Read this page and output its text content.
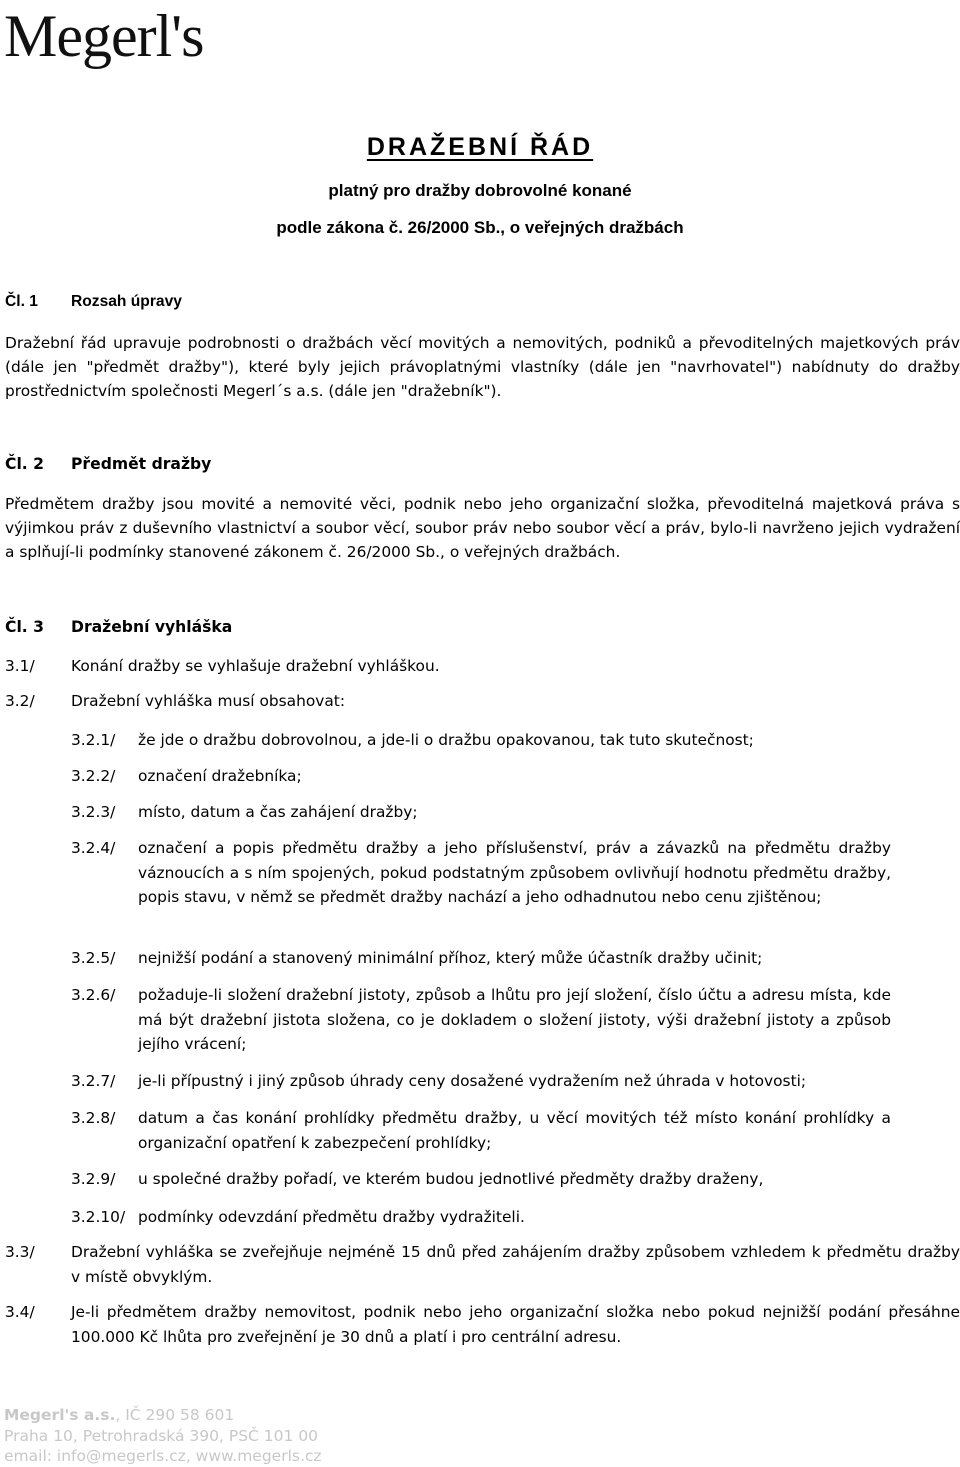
Megerl's
DRAŽEBNÍ ŘÁD
platný pro dražby dobrovolné konané
podle zákona č. 26/2000 Sb., o veřejných dražbách
Čl. 1 Rozsah úpravy
Dražební řád upravuje podrobnosti o dražbách věcí movitých a nemovitých, podniků a převoditelných majetkových práv (dále jen "předmět dražby"), které byly jejich právoplatnými vlastníky (dále jen "navrhovatel") nabídnuty do dražby prostřednictvím společnosti Megerl´s a.s. (dále jen "dražebník").
Čl. 2 Předmět dražby
Předmětem dražby jsou movité a nemovité věci, podnik nebo jeho organizační složka, převoditelná majetková práva s výjimkou práv z duševního vlastnictví a soubor věcí, soubor práv nebo soubor věcí a práv, bylo-li navrženo jejich vydražení a splňují-li podmínky stanovené zákonem č. 26/2000 Sb., o veřejných dražbách.
Čl. 3 Dražební vyhláška
3.1/ Konání dražby se vyhlašuje dražební vyhláškou.
3.2/ Dražební vyhláška musí obsahovat:
3.2.1/ že jde o dražbu dobrovolnou, a jde-li o dražbu opakovanou, tak tuto skutečnost;
3.2.2/ označení dražebníka;
3.2.3/ místo, datum a čas zahájení dražby;
3.2.4/ označení a popis předmětu dražby a jeho příslušenství, práv a závazků na předmětu dražby váznoucích a s ním spojených, pokud podstatným způsobem ovlivňují hodnotu předmětu dražby, popis stavu, v němž se předmět dražby nachází a jeho odhadnutou nebo cenu zjištěnou;
3.2.5/ nejnižší podání a stanovený minimální příhoz, který může účastník dražby učinit;
3.2.6/ požaduje-li složení dražební jistoty, způsob a lhůtu pro její složení, číslo účtu a adresu místa, kde má být dražební jistota složena, co je dokladem o složení jistoty, výši dražební jistoty a způsob jejího vrácení;
3.2.7/ je-li přípustný i jiný způsob úhrady ceny dosažené vydražením než úhrada v hotovosti;
3.2.8/ datum a čas konání prohlídky předmětu dražby, u věcí movitých též místo konání prohlídky a organizační opatření k zabezpečení prohlídky;
3.2.9/ u společné dražby pořadí, ve kterém budou jednotlivé předměty dražby draženy,
3.2.10/ podmínky odevzdání předmětu dražby vydražiteli.
3.3/ Dražební vyhláška se zveřejňuje nejméně 15 dnů před zahájením dražby způsobem vzhledem k předmětu dražby v místě obvyklým.
3.4/ Je-li předmětem dražby nemovitost, podnik nebo jeho organizační složka nebo pokud nejnižší podání přesáhne 100.000 Kč lhůta pro zveřejnění je 30 dnů a platí i pro centrální adresu.
Megerl's a.s., IČ 290 58 601
Praha 10, Petrohradská 390, PSČ 101 00
email: info@megerls.cz, www.megerls.cz
